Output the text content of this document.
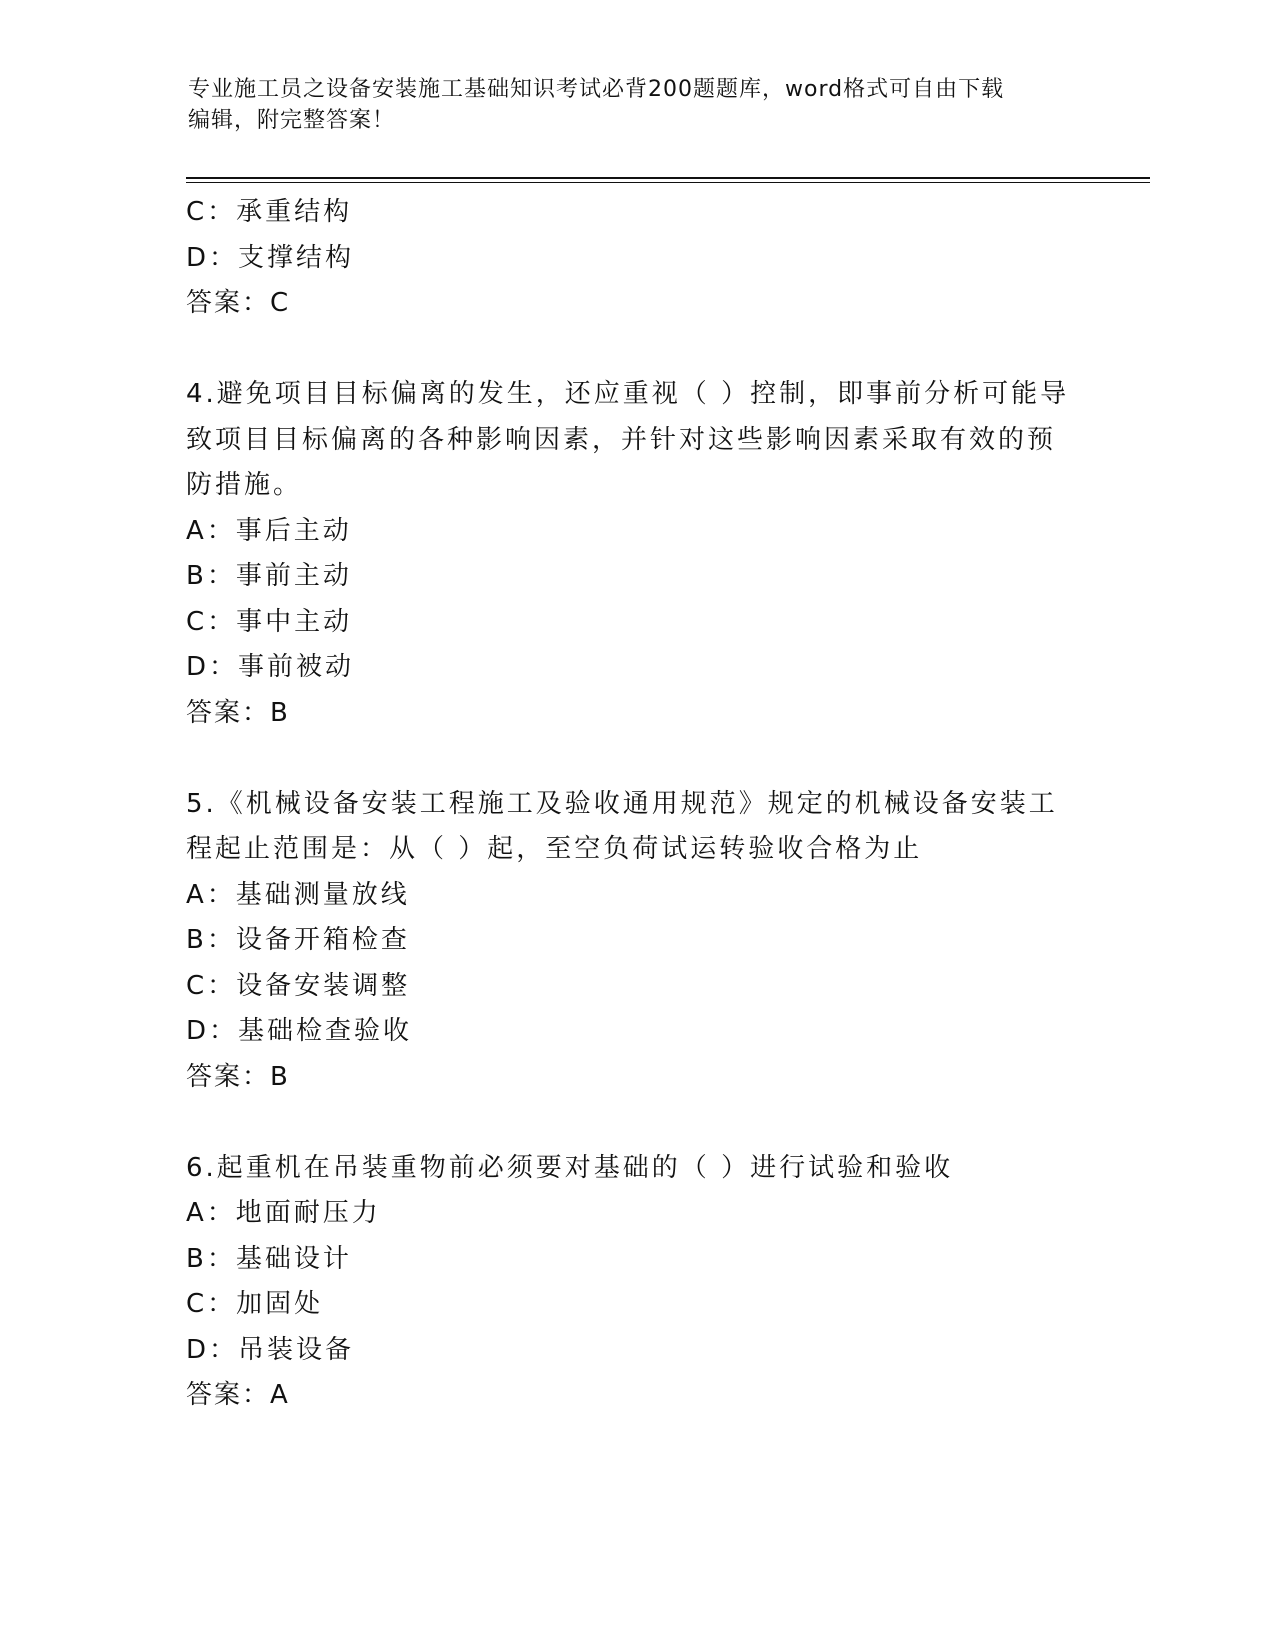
专业施工员之设备安装施工基础知识考试必背200题题库，word格式可自由下载
编辑，附完整答案！
C：承重结构
D：支撑结构
答案：C
4.避免项目目标偏离的发生，还应重视（ ）控制，即事前分析可能导
致项目目标偏离的各种影响因素，并针对这些影响因素采取有效的预
防措施。
A：事后主动
B：事前主动
C：事中主动
D：事前被动
答案：B
5.《机械设备安装工程施工及验收通用规范》规定的机械设备安装工
程起止范围是：从（ ）起，至空负荷试运转验收合格为止
A：基础测量放线
B：设备开箱检查
C：设备安装调整
D：基础检查验收
答案：B
6.起重机在吊装重物前必须要对基础的（ ）进行试验和验收
A：地面耐压力
B：基础设计
C：加固处
D：吊装设备
答案：A
